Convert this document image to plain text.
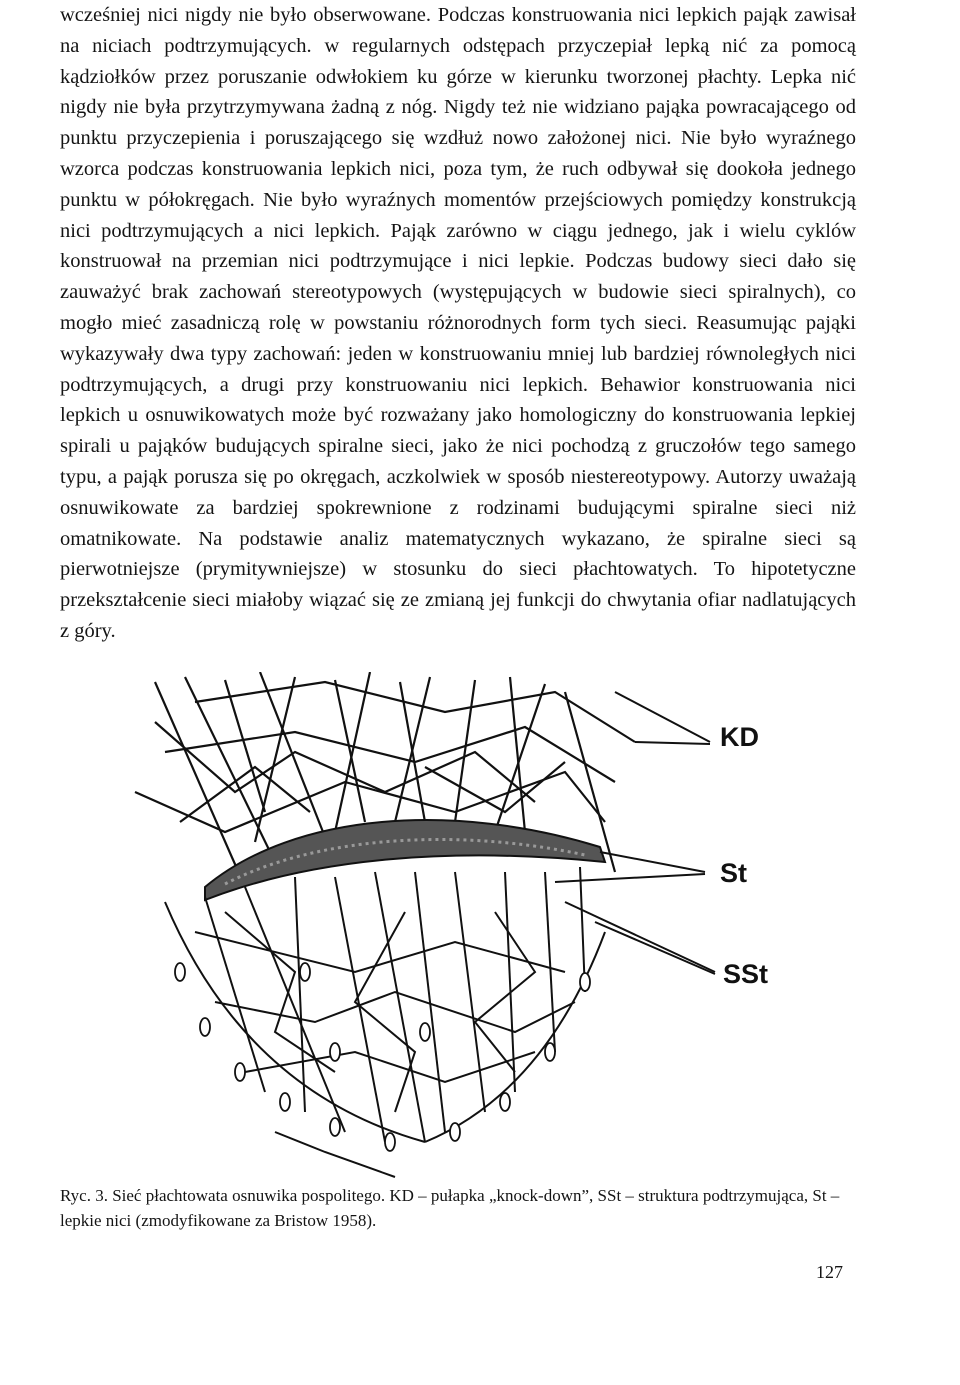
wcześniej nici nigdy nie było obserwowane. Podczas konstruowania nici lepkich pająk zawisał na niciach podtrzymujących. w regularnych odstępach przyczepiał lepką nić za pomocą kądziołków przez poruszanie odwłokiem ku górze w kierunku tworzonej płachty. Lepka nić nigdy nie była przytrzymywana żadną z nóg. Nigdy też nie widziano pająka powracającego od punktu przyczepienia i poruszającego się wzdłuż nowo założonej nici. Nie było wyraźnego wzorca podczas konstruowania lepkich nici, poza tym, że ruch odbywał się dookoła jednego punktu w półokręgach. Nie było wyraźnych momentów przejściowych pomiędzy konstrukcją nici podtrzymujących a nici lepkich. Pająk zarówno w ciągu jednego, jak i wielu cyklów konstruował na przemian nici podtrzymujące i nici lepkie. Podczas budowy sieci dało się zauważyć brak zachowań stereotypowych (występujących w budowie sieci spiralnych), co mogło mieć zasadniczą rolę w powstaniu różnorodnych form tych sieci. Reasumując pająki wykazywały dwa typy zachowań: jeden w konstruowaniu mniej lub bardziej równoległych nici podtrzymujących, a drugi przy konstruowaniu nici lepkich. Behawior konstruowania nici lepkich u osnuwikowatych może być rozważany jako homologiczny do konstruowania lepkiej spirali u pająków budujących spiralne sieci, jako że nici pochodzą z gruczołów tego samego typu, a pająk porusza się po okręgach, aczkolwiek w sposób niestereotypowy. Autorzy uważają osnuwikowate za bardziej spokrewnione z rodzinami budującymi spiralne sieci niż omatnikowate. Na podstawie analiz matematycznych wykazano, że spiralne sieci są pierwotniejsze (prymitywniejsze) w stosunku do sieci płachtowatych. To hipotetyczne przekształcenie sieci miałoby wiązać się ze zmianą jej funkcji do chwytania ofiar nadlatujących z góry.

KD
St
SSt

Ryc. 3. Sieć płachtowata osnuwika pospolitego. KD – pułapka „knock-down”, SSt – struktura podtrzymująca, St – lepkie nici (zmodyfikowane za Bristow 1958).

127
